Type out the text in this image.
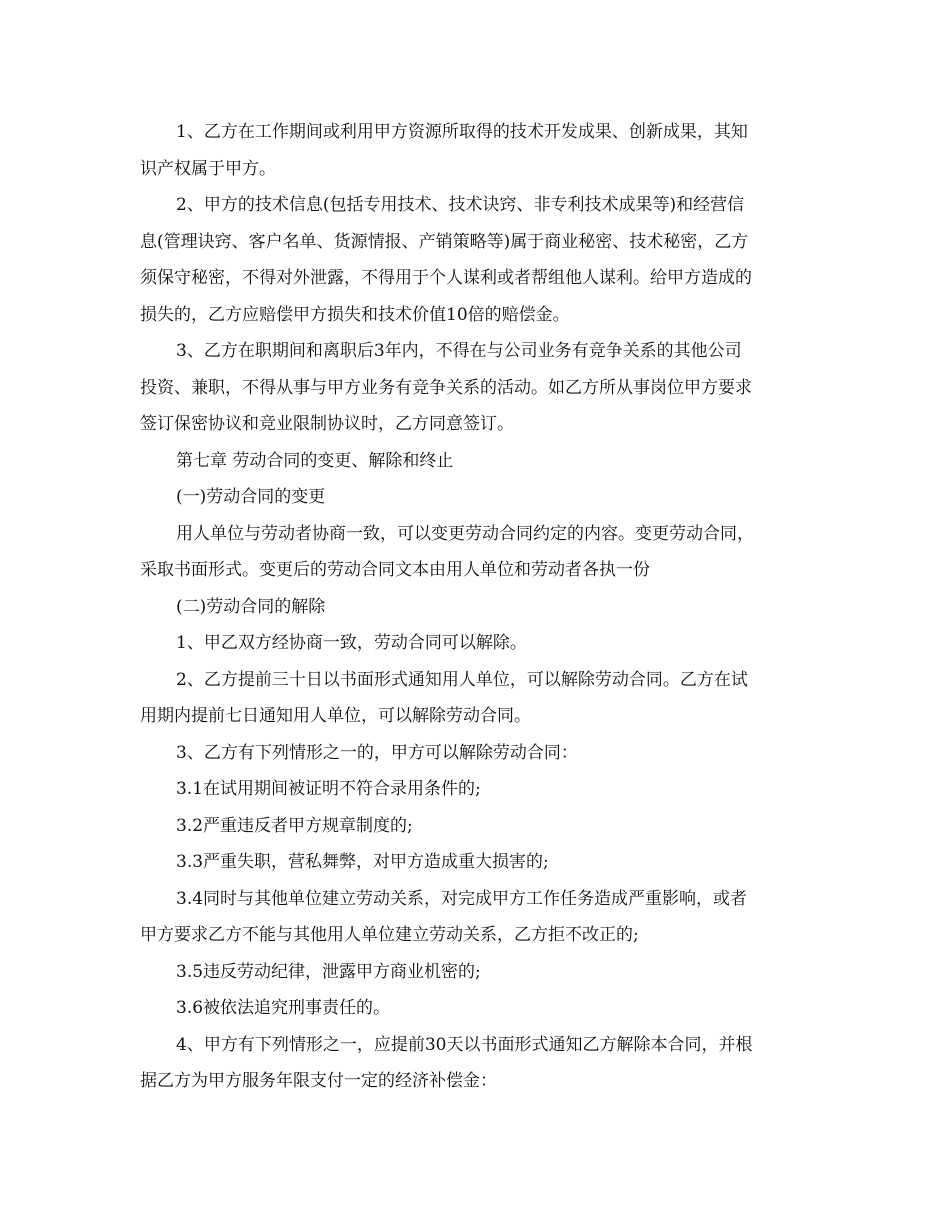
1、乙方在工作期间或利用甲方资源所取得的技术开发成果、创新成果，其知
识产权属于甲方。

2、甲方的技术信息(包括专用技术、技术诀窍、非专利技术成果等)和经营信
息(管理诀窍、客户名单、货源情报、产销策略等)属于商业秘密、技术秘密，乙方
须保守秘密，不得对外泄露，不得用于个人谋利或者帮组他人谋利。给甲方造成的
损失的，乙方应赔偿甲方损失和技术价值10倍的赔偿金。

3、乙方在职期间和离职后3年内，不得在与公司业务有竞争关系的其他公司
投资、兼职，不得从事与甲方业务有竞争关系的活动。如乙方所从事岗位甲方要求
签订保密协议和竞业限制协议时，乙方同意签订。

第七章 劳动合同的变更、解除和终止

(一)劳动合同的变更

用人单位与劳动者协商一致，可以变更劳动合同约定的内容。变更劳动合同，
采取书面形式。变更后的劳动合同文本由用人单位和劳动者各执一份

(二)劳动合同的解除

1、甲乙双方经协商一致，劳动合同可以解除。

2、乙方提前三十日以书面形式通知用人单位，可以解除劳动合同。乙方在试
用期内提前七日通知用人单位，可以解除劳动合同。

3、乙方有下列情形之一的，甲方可以解除劳动合同：

3.1在试用期间被证明不符合录用条件的;

3.2严重违反者甲方规章制度的;

3.3严重失职，营私舞弊，对甲方造成重大损害的;

3.4同时与其他单位建立劳动关系，对完成甲方工作任务造成严重影响，或者
甲方要求乙方不能与其他用人单位建立劳动关系，乙方拒不改正的;

3.5违反劳动纪律，泄露甲方商业机密的;

3.6被依法追究刑事责任的。

4、甲方有下列情形之一，应提前30天以书面形式通知乙方解除本合同，并根
据乙方为甲方服务年限支付一定的经济补偿金：
